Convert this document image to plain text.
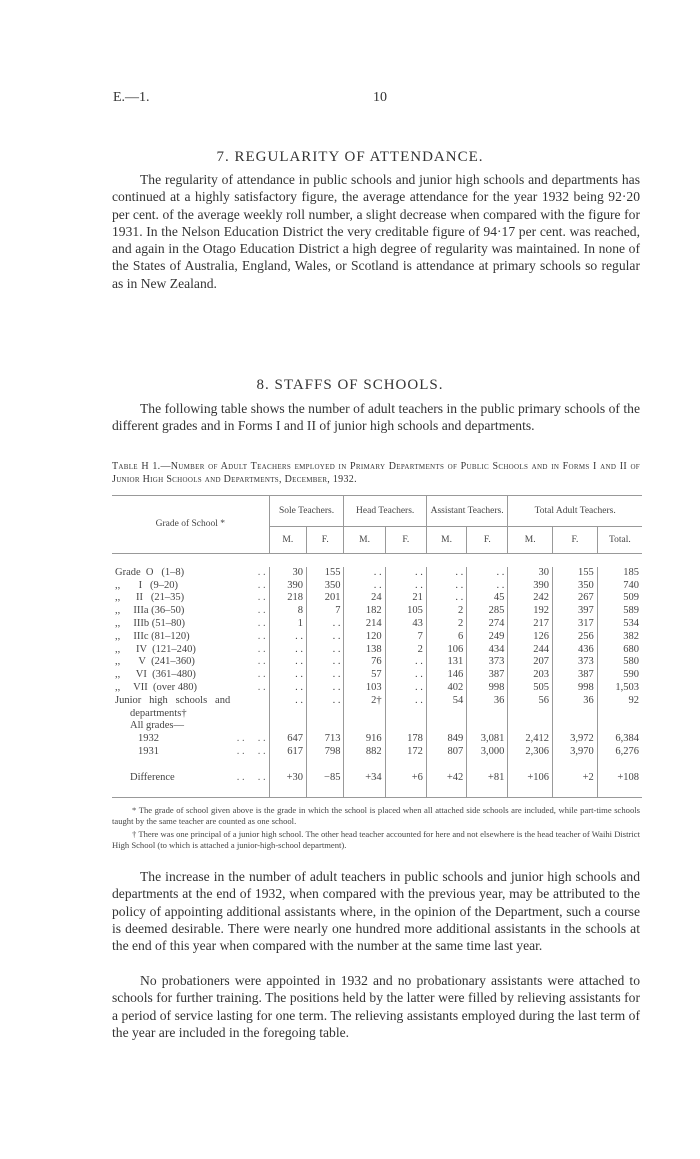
E.—1.	10
7. REGULARITY OF ATTENDANCE.

The regularity of attendance in public schools and junior high schools and departments has continued at a highly satisfactory figure, the average attendance for the year 1932 being 92·20 per cent. of the average weekly roll number, a slight decrease when compared with the figure for 1931. In the Nelson Education District the very creditable figure of 94·17 per cent. was reached, and again in the Otago Education District a high degree of regularity was maintained. In none of the States of Australia, England, Wales, or Scotland is attendance at primary schools so regular as in New Zealand.

8. STAFFS OF SCHOOLS.

The following table shows the number of adult teachers in the public primary schools of the different grades and in Forms I and II of junior high schools and departments.

Table H 1.—Number of Adult Teachers employed in Primary Departments of Public Schools and in Forms I and II of Junior High Schools and Departments, December, 1932.

Grade of School *		Sole Teachers.		Head Teachers.		Assistant Teachers.		Total Adult Teachers.		
		M.	F.	M.	F.	M.	F.	M.	F.	Total.

Grade  O   (1–8)	. .	30	155	. .	. .	. .	. .	30	155	185
,,       I   (9–20)	. .	390	350	. .	. .	. .	. .	390	350	740
,,      II   (21–35)	. .	218	201	24	21	. .	45	242	267	509
,,     IIIa (36–50)	. .	8	7	182	105	2	285	192	397	589
,,     IIIb (51–80)	. .	1	. .	214	43	2	274	217	317	534
,,     IIIc (81–120)	. .	. .	. .	120	7	6	249	126	256	382
,,      IV  (121–240)	. .	. .	. .	138	2	106	434	244	436	680
,,       V  (241–360)	. .	. .	. .	76	. .	131	373	207	373	580
,,      VI  (361–480)	. .	. .	. .	57	. .	146	387	203	387	590
,,     VII  (over 480)	. .	. .	. .	103	. .	402	998	505	998	1,503
Junior   high   schools   and		. .	. .	2†	. .	54	36	56	36	92
departments†										
All grades—										
1932	. .     . .	647	713	916	178	849	3,081	2,412	3,972	6,384
1931	. .     . .	617	798	882	172	807	3,000	2,306	3,970	6,276

Difference	. .     . .	+30	−85	+34	+6	+42	+81	+106	+2	+108

* The grade of school given above is the grade in which the school is placed when all attached side schools are included, while part-time schools taught by the same teacher are counted as one school.

† There was one principal of a junior high school. The other head teacher accounted for here and not elsewhere is the head teacher of Waihi District High School (to which is attached a junior-high-school department).

The increase in the number of adult teachers in public schools and junior high schools and departments at the end of 1932, when compared with the previous year, may be attributed to the policy of appointing additional assistants where, in the opinion of the Department, such a course is deemed desirable. There were nearly one hundred more additional assistants in the schools at the end of this year when compared with the number at the same time last year.

No probationers were appointed in 1932 and no probationary assistants were attached to schools for further training. The positions held by the latter were filled by relieving assistants for a period of service lasting for one term. The relieving assistants employed during the last term of the year are included in the foregoing table.
